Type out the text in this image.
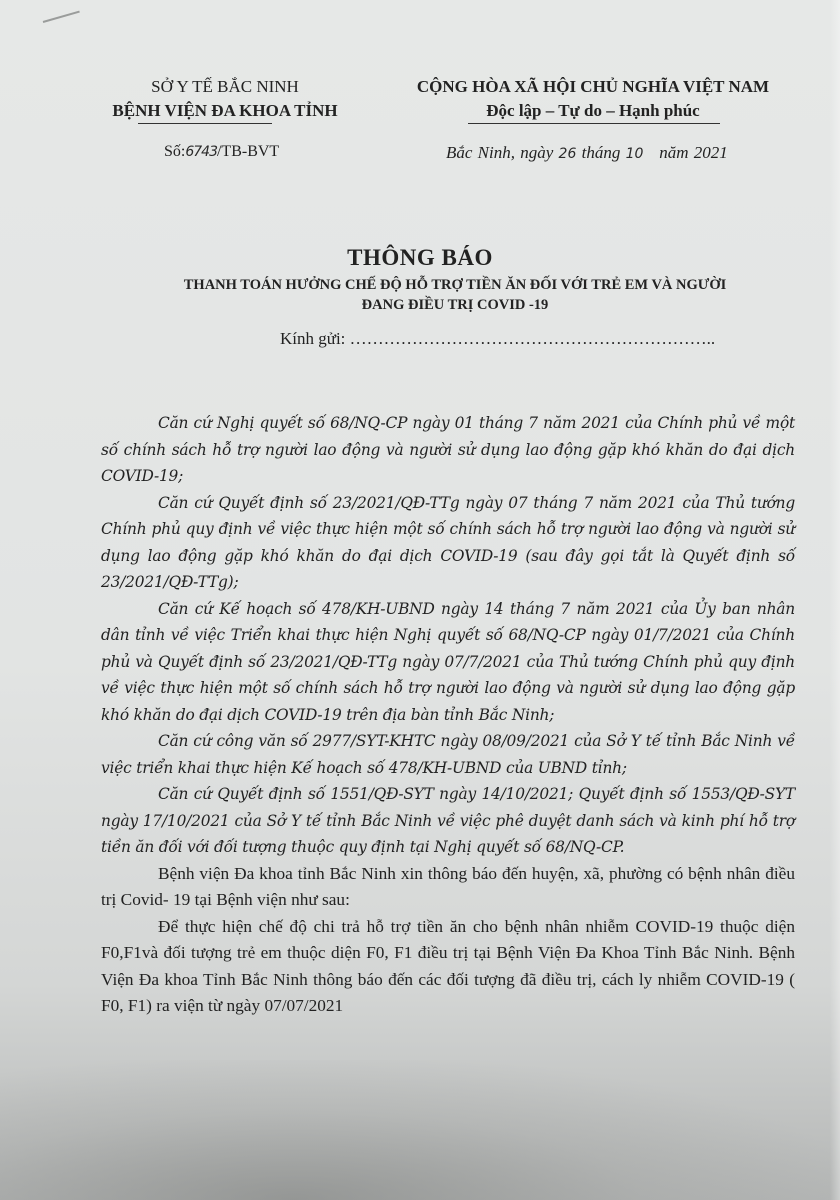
SỞ Y TẾ BẮC NINH
BỆNH VIỆN ĐA KHOA TỈNH
CỘNG HÒA XÃ HỘI CHỦ NGHĨA VIỆT NAM
Độc lập – Tự do – Hạnh phúc
Số:6743/TB-BVT	Bắc Ninh, ngày 26 tháng 10 năm 2021
THÔNG BÁO
THANH TOÁN HƯỞNG CHẾ ĐỘ HỖ TRỢ TIỀN ĂN ĐỐI VỚI TRẺ EM VÀ NGƯỜI
ĐANG ĐIỀU TRỊ COVID -19
Kính gửi: ………………………………………………………..

Căn cứ Nghị quyết số 68/NQ-CP ngày 01 tháng 7 năm 2021 của Chính phủ về một số chính sách hỗ trợ người lao động và người sử dụng lao động gặp khó khăn do đại dịch COVID-19;

Căn cứ Quyết định số 23/2021/QĐ-TTg ngày 07 tháng 7 năm 2021 của Thủ tướng Chính phủ quy định về việc thực hiện một số chính sách hỗ trợ người lao động và người sử dụng lao động gặp khó khăn do đại dịch COVID-19 (sau đây gọi tắt là Quyết định số 23/2021/QĐ-TTg);

Căn cứ Kế hoạch số 478/KH-UBND ngày 14 tháng 7 năm 2021 của Ủy ban nhân dân tỉnh về việc Triển khai thực hiện Nghị quyết số 68/NQ-CP ngày 01/7/2021 của Chính phủ và Quyết định số 23/2021/QĐ-TTg ngày 07/7/2021 của Thủ tướng Chính phủ quy định về việc thực hiện một số chính sách hỗ trợ người lao động và người sử dụng lao động gặp khó khăn do đại dịch COVID-19 trên địa bàn tỉnh Bắc Ninh;

Căn cứ công văn số 2977/SYT-KHTC ngày 08/09/2021 của Sở Y tế tỉnh Bắc Ninh về việc triển khai thực hiện Kế hoạch số 478/KH-UBND của UBND tỉnh;

Căn cứ Quyết định số 1551/QĐ-SYT ngày 14/10/2021; Quyết định số 1553/QĐ-SYT ngày 17/10/2021 của Sở Y tế tỉnh Bắc Ninh về việc phê duyệt danh sách và kinh phí hỗ trợ tiền ăn đối với đối tượng thuộc quy định tại Nghị quyết số 68/NQ-CP.

Bệnh viện Đa khoa tỉnh Bắc Ninh xin thông báo đến huyện, xã, phường có bệnh nhân điều trị Covid- 19 tại Bệnh viện như sau:

Để thực hiện chế độ chi trả hỗ trợ tiền ăn cho bệnh nhân nhiễm COVID-19 thuộc diện F0,F1và đối tượng trẻ em thuộc diện F0, F1 điều trị tại Bệnh Viện Đa Khoa Tỉnh Bắc Ninh. Bệnh Viện Đa khoa Tỉnh Bắc Ninh thông báo đến các đối tượng đã điều trị, cách ly nhiễm COVID-19 ( F0, F1) ra viện từ ngày 07/07/2021
